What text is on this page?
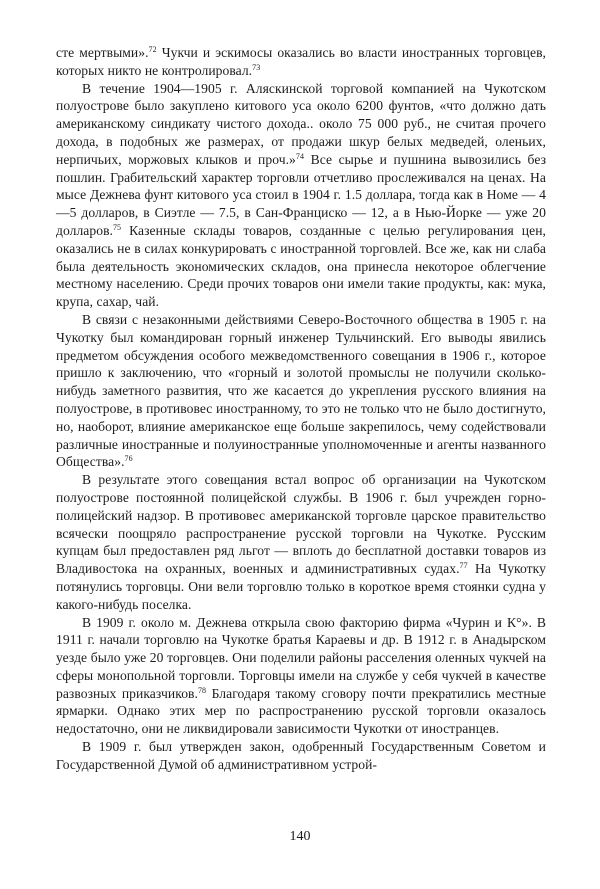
сте мертвыми».$^{72}$ Чукчи и эскимосы оказались во власти иностранных торговцев, которых никто не контролировал.$^{73}$

В течение 1904—1905 г. Аляскинской торговой компанией на Чукотском полуострове было закуплено китового уса около 6200 фунтов, «что должно дать американскому синдикату чистого дохода.. около 75 000 руб., не считая прочего дохода, в подобных же размерах, от продажи шкур белых медведей, оленьих, нерпичьих, моржовых клыков и проч.»$^{74}$ Все сырье и пушнина вывозились без пошлин. Грабительский характер торговли отчетливо прослеживался на ценах. На мысе Дежнева фунт китового уса стоил в 1904 г. 1.5 доллара, тогда как в Номе — 4—5 долларов, в Сиэтле — 7.5, в Сан-Франциско — 12, а в Нью-Йорке — уже 20 долларов.$^{75}$ Казенные склады товаров, созданные с целью регулирования цен, оказались не в силах конкурировать с иностранной торговлей. Все же, как ни слаба была деятельность экономических складов, она принесла некоторое облегчение местному населению. Среди прочих товаров они имели такие продукты, как: мука, крупа, сахар, чай.

В связи с незаконными действиями Северо-Восточного общества в 1905 г. на Чукотку был командирован горный инженер Тульчинский. Его выводы явились предметом обсуждения особого межведомственного совещания в 1906 г., которое пришло к заключению, что «горный и золотой промыслы не получили сколько-нибудь заметного развития, что же касается до укрепления русского влияния на полуострове, в противовес иностранному, то это не только что не было достигнуто, но, наоборот, влияние американское еще больше закрепилось, чему содействовали различные иностранные и полуиностранные уполномоченные и агенты названного Общества».$^{76}$

В результате этого совещания встал вопрос об организации на Чукотском полуострове постоянной полицейской службы. В 1906 г. был учрежден горно-полицейский надзор. В противовес американской торговле царское правительство всячески поощряло распространение русской торговли на Чукотке. Русским купцам был предоставлен ряд льгот — вплоть до бесплатной доставки товаров из Владивостока на охранных, военных и административных судах.$^{77}$ На Чукотку потянулись торговцы. Они вели торговлю только в короткое время стоянки судна у какого-нибудь поселка.

В 1909 г. около м. Дежнева открыла свою факторию фирма «Чурин и К°». В 1911 г. начали торговлю на Чукотке братья Караевы и др. В 1912 г. в Анадырском уезде было уже 20 торговцев. Они поделили районы расселения оленных чукчей на сферы монопольной торговли. Торговцы имели на службе у себя чукчей в качестве развозных приказчиков.$^{78}$ Благодаря такому сговору почти прекратились местные ярмарки. Однако этих мер по распространению русской торговли оказалось недостаточно, они не ликвидировали зависимости Чукотки от иностранцев.

В 1909 г. был утвержден закон, одобренный Государственным Советом и Государственной Думой об административном устрой-

140
